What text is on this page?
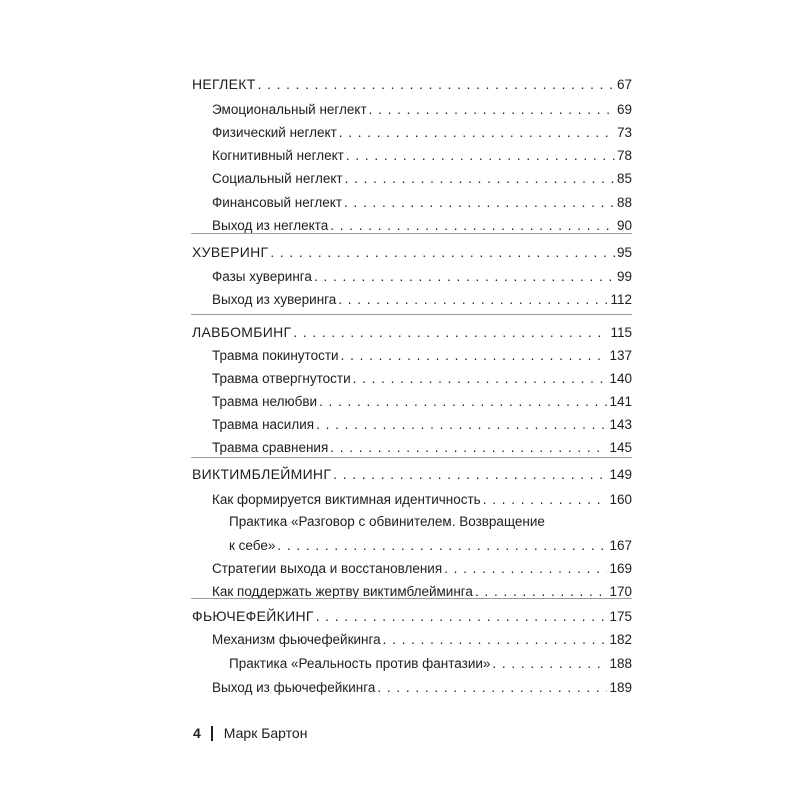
НЕГЛЕКТ . . .	67
Эмоциональный неглект . . .	69
Физический неглект . . .	73
Когнитивный неглект . . .	78
Социальный неглект . . .	85
Финансовый неглект . . .	88
Выход из неглекта . . .	90
ХУВЕРИНГ . . .	95
Фазы хуверинга . . .	99
Выход из хуверинга . . .	112
ЛАВБОМБИНГ . . .	115
Травма покинутости . . .	137
Травма отвергнутости . . .	140
Травма нелюбви . . .	141
Травма насилия . . .	143
Травма сравнения . . .	145
ВИКТИМБЛЕЙМИНГ . . .	149
Как формируется виктимная идентичность . . .	160
Практика «Разговор с обвинителем. Возвращение
к себе» . . .	167
Стратегии выхода и восстановления . . .	169
Как поддержать жертву виктимблейминга . . .	170
ФЬЮЧЕФЕЙКИНГ . . .	175
Механизм фьючефейкинга . . .	182
Практика «Реальность против фантазии» . . .	188
Выход из фьючефейкинга . . .	189
4 Марк Бартон
